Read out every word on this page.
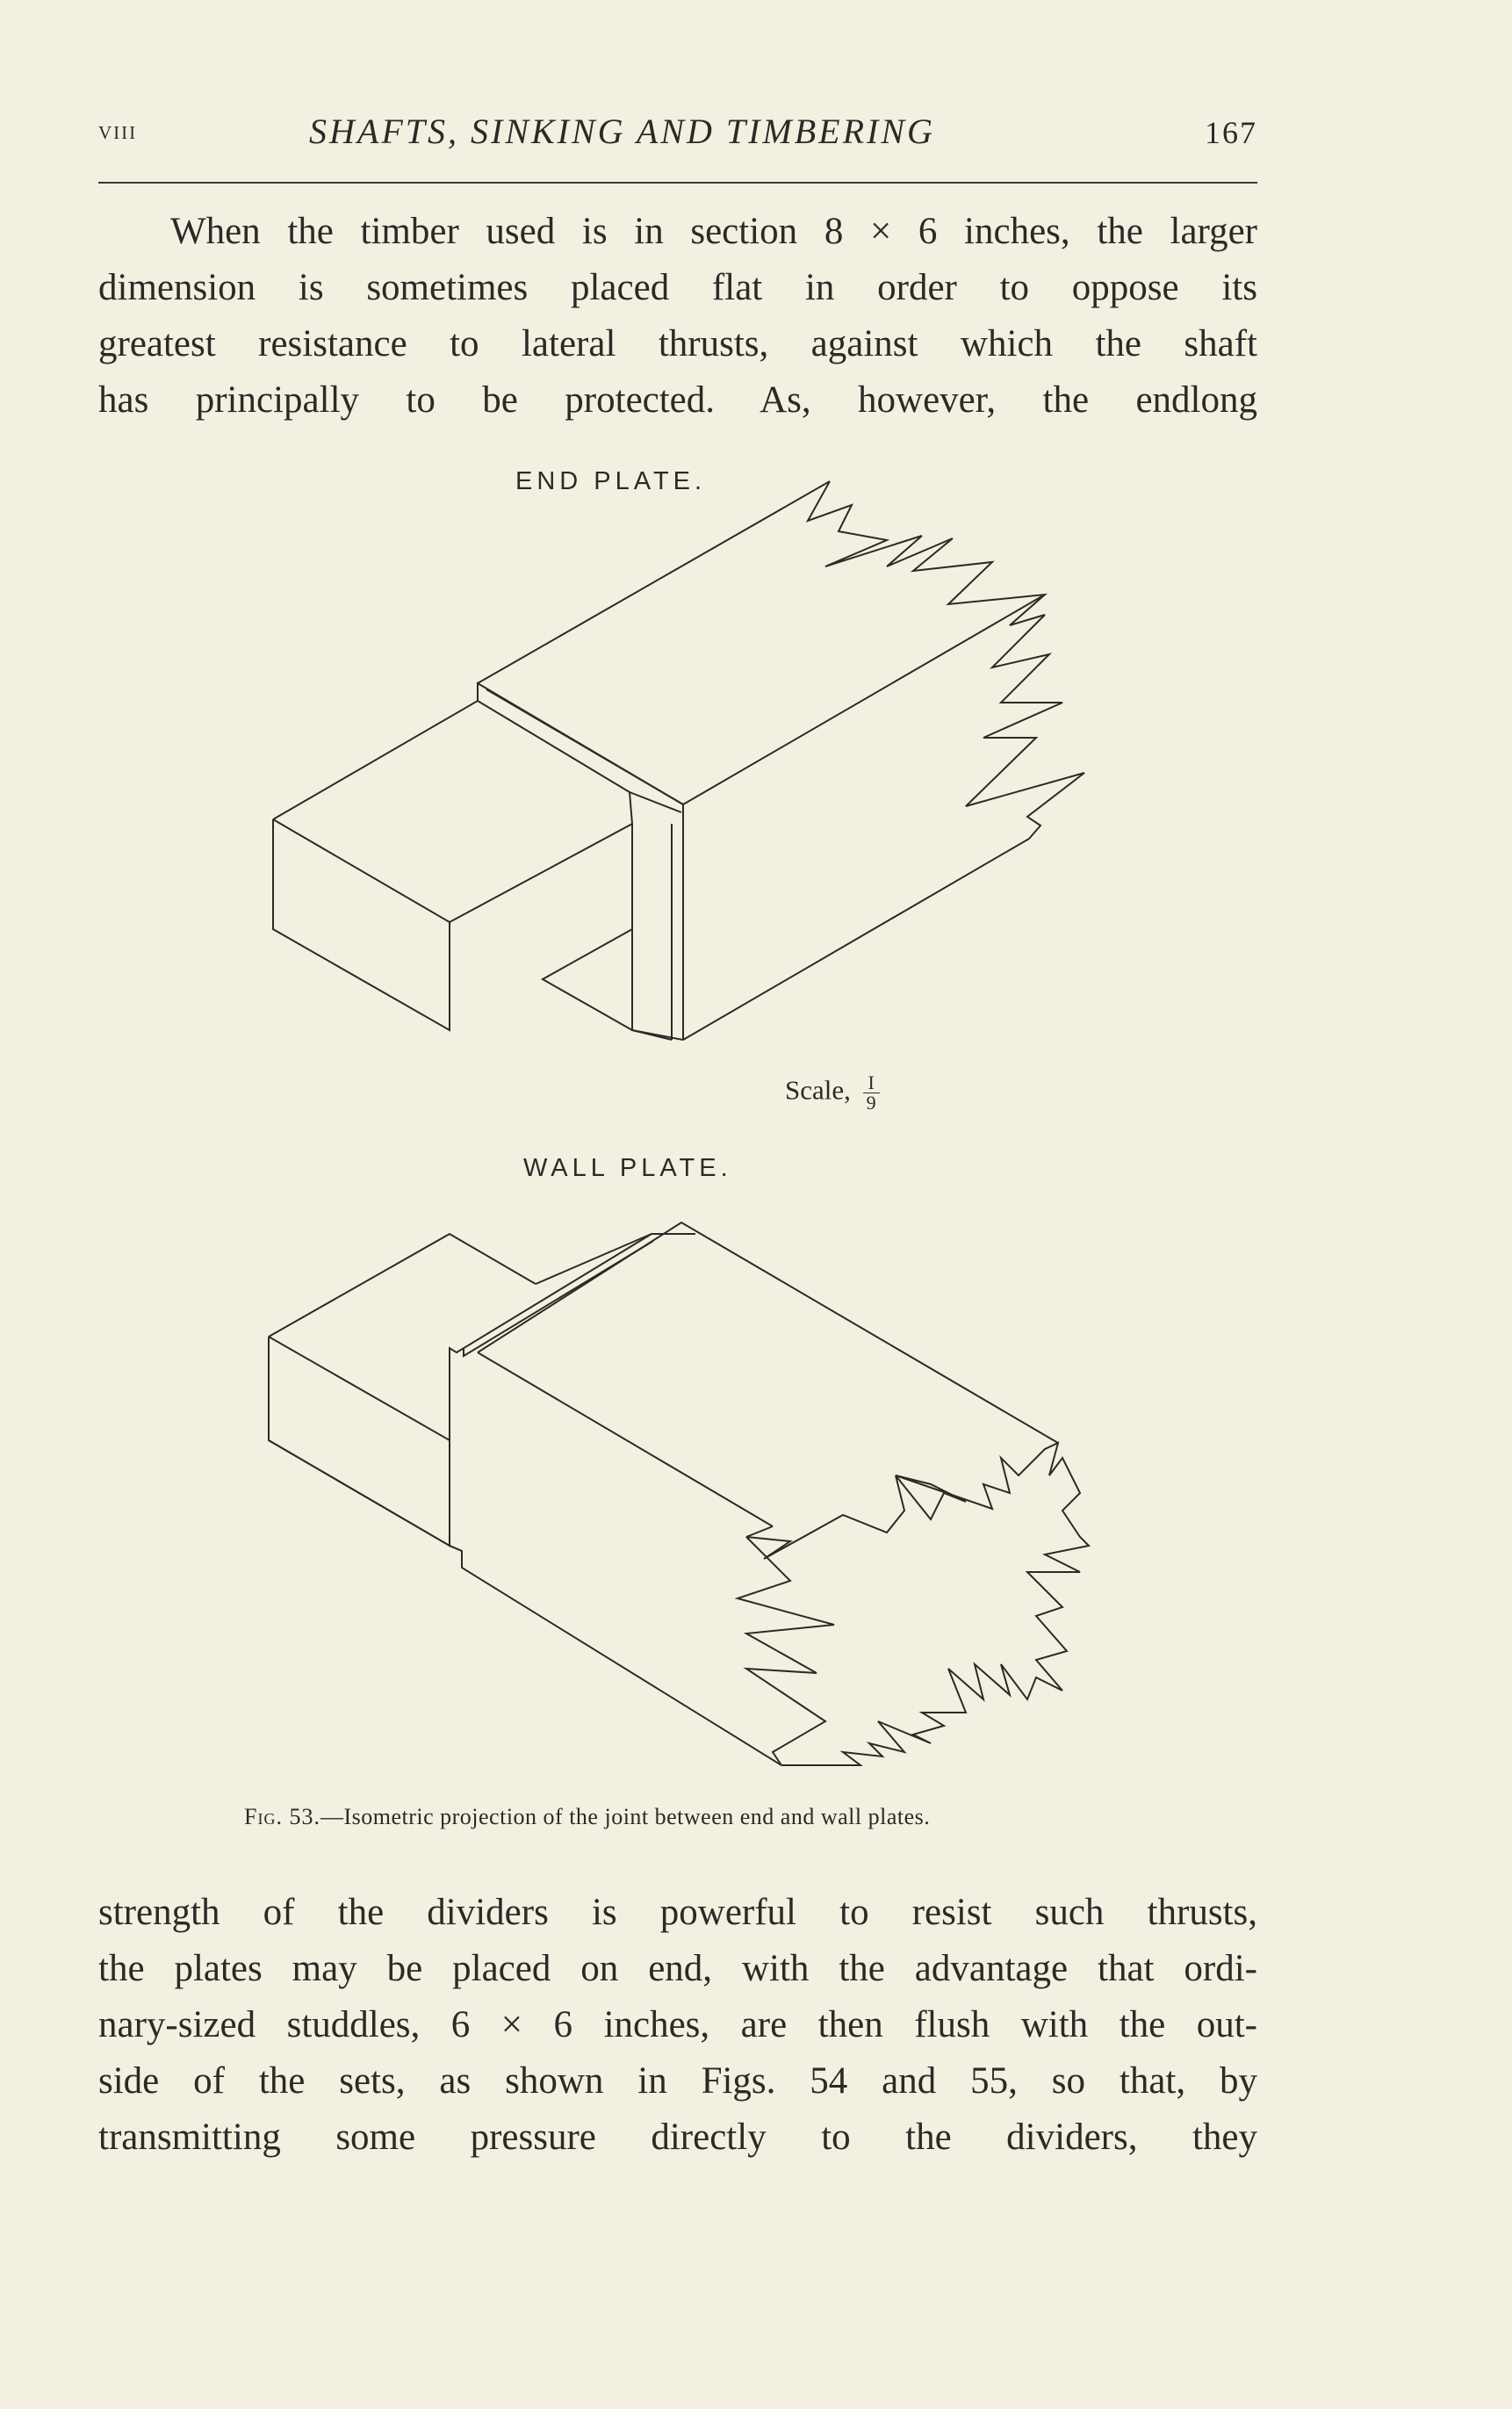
viii	SHAFTS, SINKING AND TIMBERING	167
When the timber used is in section 8 × 6 inches, the larger
dimension is sometimes placed flat in order to oppose its
greatest resistance to lateral thrusts, against which the shaft
has principally to be protected. As, however, the endlong
END PLATE.
WALL PLATE.
Scale, $\frac{I}{9}$
Fig. 53.—Isometric projection of the joint between end and wall plates.
strength of the dividers is powerful to resist such thrusts,
the plates may be placed on end, with the advantage that ordi-
nary-sized studdles, 6 × 6 inches, are then flush with the out-
side of the sets, as shown in Figs. 54 and 55, so that, by
transmitting some pressure directly to the dividers, they
